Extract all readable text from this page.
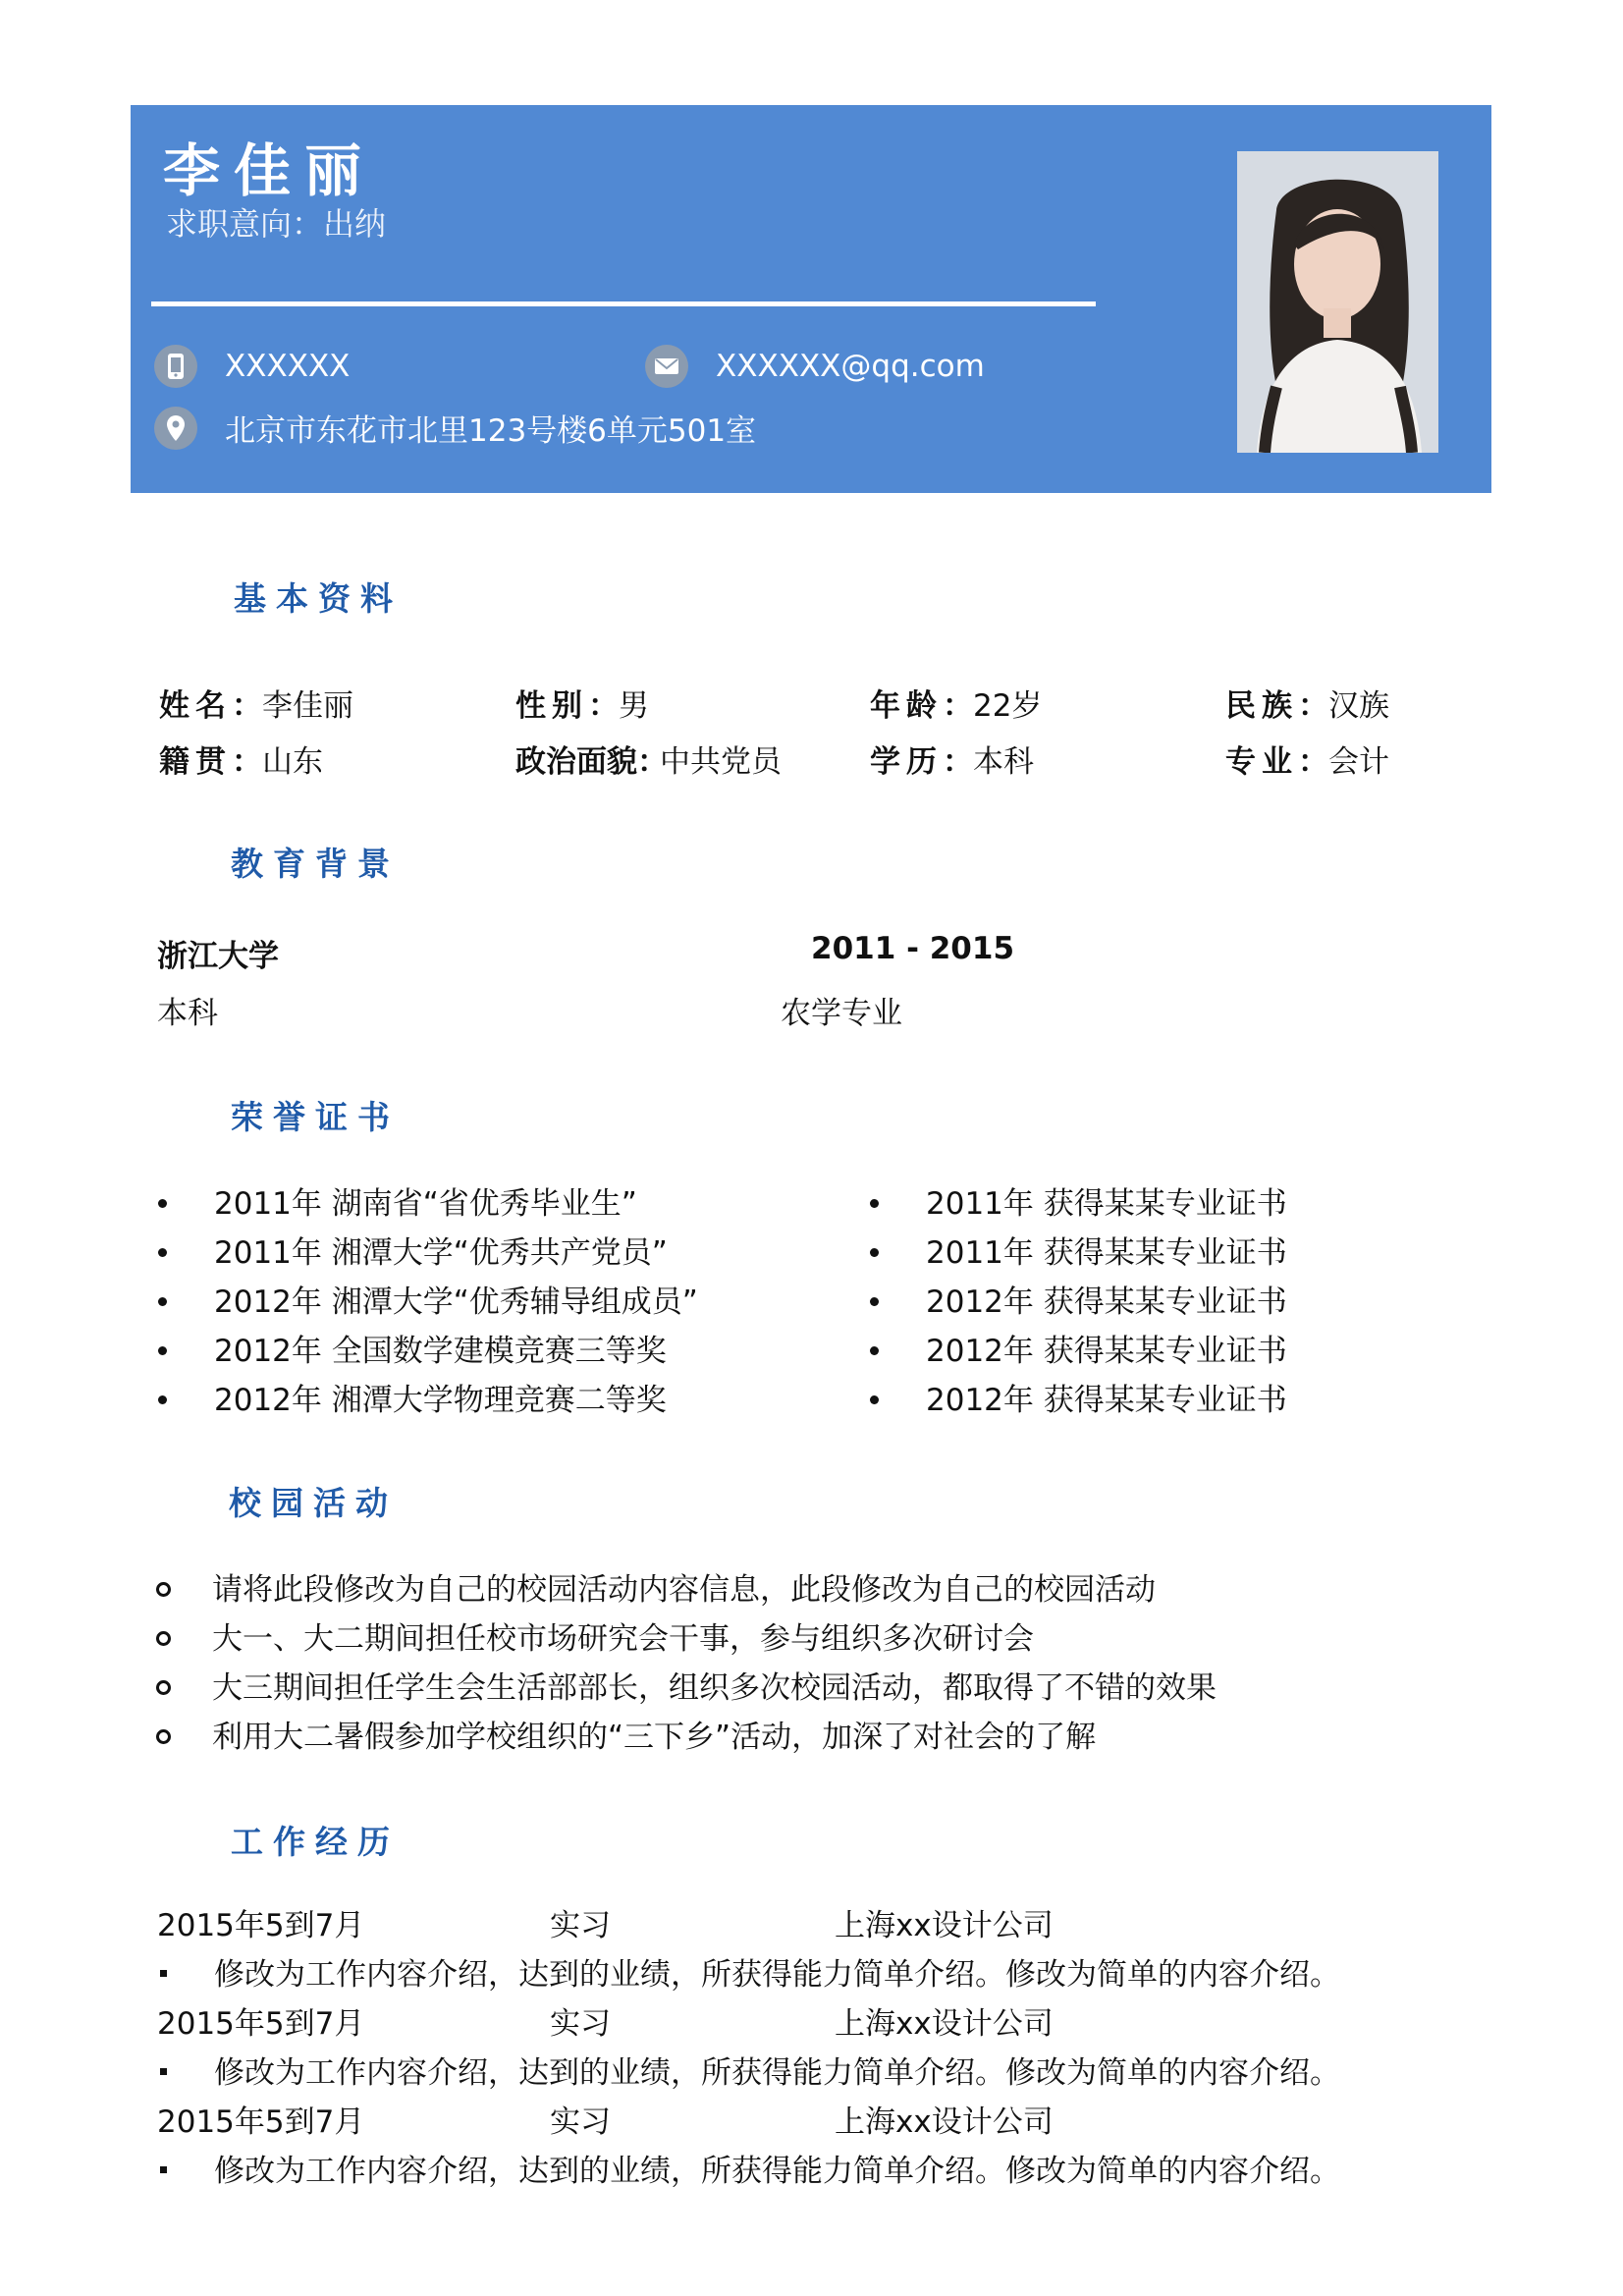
李佳丽
求职意向：出纳
XXXXXX	XXXXXX@qq.com
北京市东花市北里123号楼6单元501室
基本资料
姓名：李佳丽	性别：男	年龄：22岁	民族：汉族
籍贯：山东	政治面貌：中共党员	学历：本科	专业：会计
教育背景
浙江大学	2011 - 2015
本科	农学专业
荣誉证书
2011年 湖南省“省优秀毕业生”
2011年 湘潭大学“优秀共产党员”
2012年 湘潭大学“优秀辅导组成员”
2012年 全国数学建模竞赛三等奖
2012年 湘潭大学物理竞赛二等奖
2011年 获得某某专业证书
2011年 获得某某专业证书
2012年 获得某某专业证书
2012年 获得某某专业证书
2012年 获得某某专业证书
校园活动
请将此段修改为自己的校园活动内容信息，此段修改为自己的校园活动
大一、大二期间担任校市场研究会干事，参与组织多次研讨会
大三期间担任学生会生活部部长，组织多次校园活动，都取得了不错的效果
利用大二暑假参加学校组织的“三下乡”活动，加深了对社会的了解
工作经历
2015年5到7月	实习	上海xx设计公司
修改为工作内容介绍，达到的业绩，所获得能力简单介绍。修改为简单的内容介绍。
2015年5到7月	实习	上海xx设计公司
修改为工作内容介绍，达到的业绩，所获得能力简单介绍。修改为简单的内容介绍。
2015年5到7月	实习	上海xx设计公司
修改为工作内容介绍，达到的业绩，所获得能力简单介绍。修改为简单的内容介绍。
